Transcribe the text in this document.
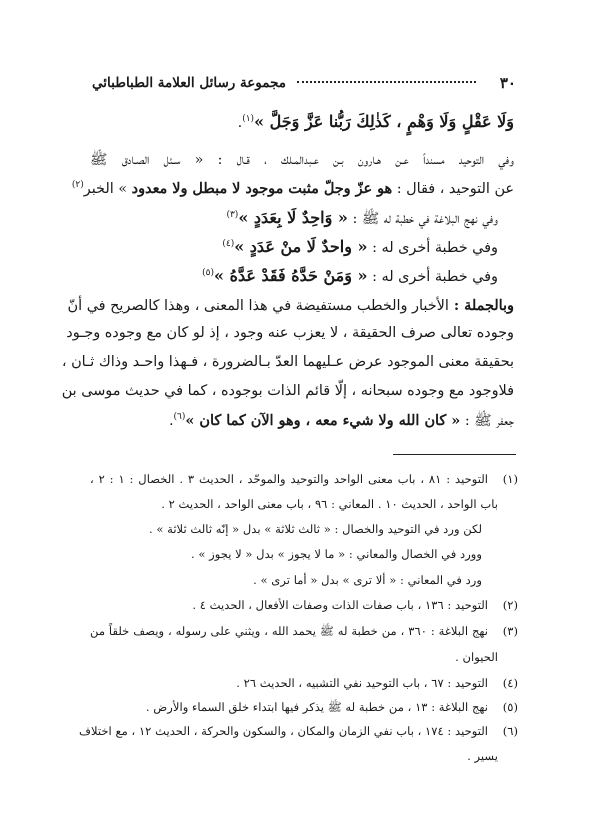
٣٠
مجموعة رسائل العلامة الطباطبائي
وَلَا عَقْلٍ وَلَا وَهْمٍ ، كَذٰلِكَ رَبُّنا عَزَّ وَجَلَّ »$^{(١)}$.
وفي التوحيد مسنداً عـن هـارون بـن عـبدالمـلك ، قـال : « سـئل الصـادق ﷺ
عن التوحيد ، فقال : هو عزّ وجلّ مثبت موجود لا مبطل ولا معدود » الخبر$^{(٢)}$
وفي نهج البلاغة في خطبة له ﷺ : « وَاحِدٌ لَا بِعَدَدٍ »$^{(٣)}$
وفي خطبة أخرى له : « واحدٌ لَا منْ عَدَدٍ »$^{(٤)}$
وفي خطبة أخرى له : « وَمَنْ حَدَّهُ فَقَدْ عَدَّهُ »$^{(٥)}$
وبالجملة : الأخبار والخطب مستفيضة في هذا المعنى ، وهذا كالصريح في أنّ
وجوده تعالى صرف الحقيقة ، لا يعزب عنه وجود ، إذ لو كان مع وجوده وجـود
بحقيقة معنى الموجود عرض عـليهما العدّ بـالضرورة ، فـهذا واحـد وذاك ثـان ،
فلاوجود مع وجوده سبحانه ، إلّا قائم الذات بوجوده ، كما في حديث موسى بن
جعفر ﷺ : « كان الله ولا شيء معه ، وهو الآن كما كان »$^{(٦)}$.
(١)التوحيد : ٨١ ، باب معنى الواحد والتوحيد والموحّد ، الحديث ٣ . الخصال : ١ : ٢ ،
باب الواحد ، الحديث ١٠ . المعاني : ٩٦ ، باب معنى الواحد ، الحديث ٢ .
لكن ورد في التوحيد والخصال : « ثالث ثلاثة » بدل « إنّه ثالث ثلاثة » .
وورد في الخصال والمعاني : « ما لا يجوز » بدل « لا يجوز » .
ورد في المعاني : « ألا ترى » بدل « أما ترى » .
(٢)التوحيد : ١٣٦ ، باب صفات الذات وصفات الأفعال ، الحديث ٤ .
(٣)نهج البلاغة : ٣٦٠ ، من خطبة له ﷺ يحمد الله ، ويثني على رسوله ، ويصف خلقاً من
الحيوان .
(٤)التوحيد : ٦٧ ، باب التوحيد نفي التشبيه ، الحديث ٢٦ .
(٥)نهج البلاغة : ١٣ ، من خطبة له ﷺ يذكر فيها ابتداء خلق السماء والأرض .
(٦)التوحيد : ١٧٤ ، باب نفي الزمان والمكان ، والسكون والحركة ، الحديث ١٢ ، مع اختلاف
يسير .
